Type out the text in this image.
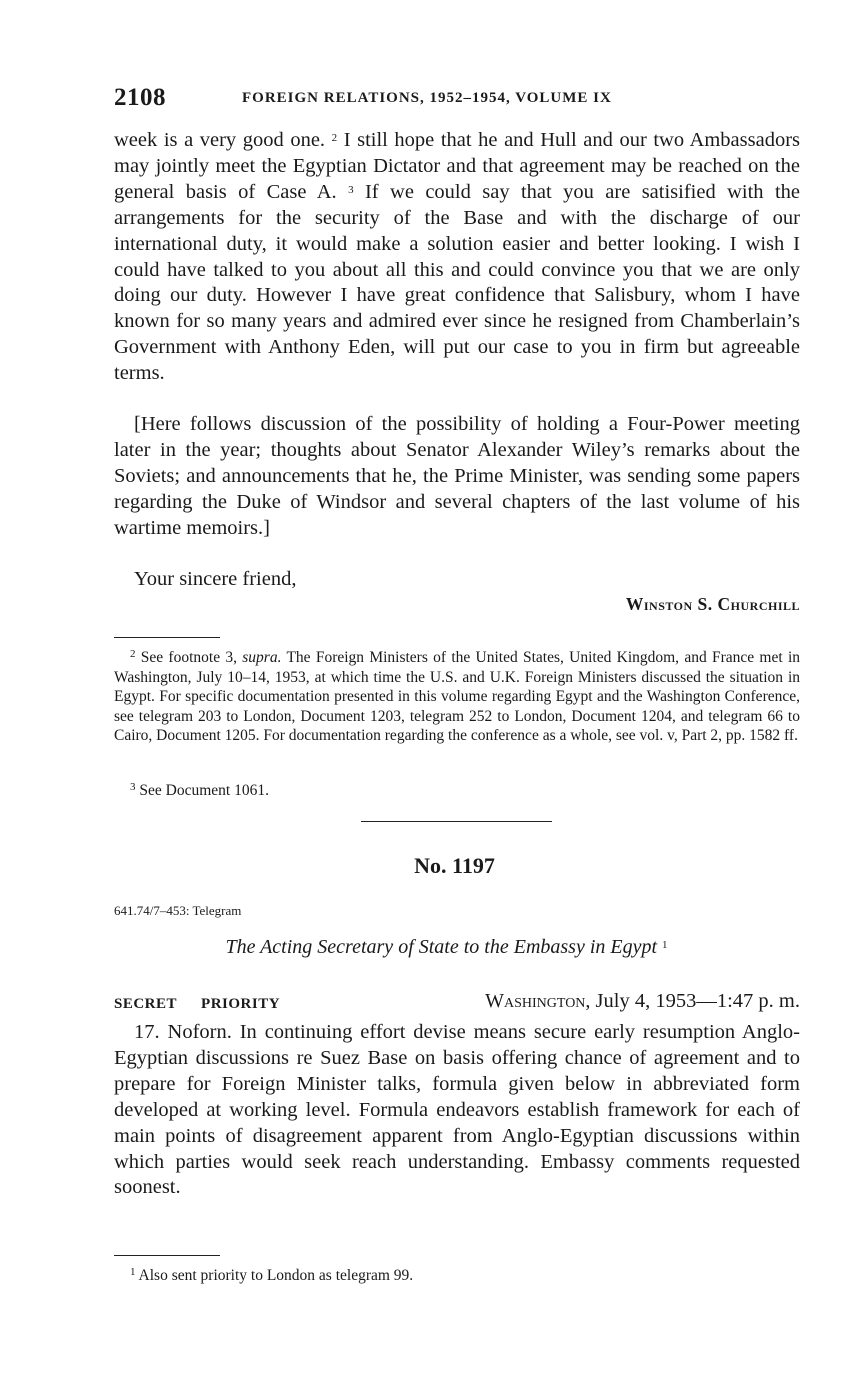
2108	FOREIGN RELATIONS, 1952–1954, VOLUME IX

week is a very good one. $^2$ I still hope that he and Hull and our two Ambassadors may jointly meet the Egyptian Dictator and that agreement may be reached on the general basis of Case A. $^3$ If we could say that you are satisified with the arrangements for the security of the Base and with the discharge of our international duty, it would make a solution easier and better looking. I wish I could have talked to you about all this and could convince you that we are only doing our duty. However I have great confidence that Salisbury, whom I have known for so many years and admired ever since he resigned from Chamberlain’s Government with Anthony Eden, will put our case to you in firm but agreeable terms.

[Here follows discussion of the possibility of holding a Four-Power meeting later in the year; thoughts about Senator Alexander Wiley’s remarks about the Soviets; and announcements that he, the Prime Minister, was sending some papers regarding the Duke of Windsor and several chapters of the last volume of his wartime memoirs.]

Your sincere friend,
Winston S. Churchill

$^2$ See footnote 3, supra. The Foreign Ministers of the United States, United Kingdom, and France met in Washington, July 10–14, 1953, at which time the U.S. and U.K. Foreign Ministers discussed the situation in Egypt. For specific documentation presented in this volume regarding Egypt and the Washington Conference, see telegram 203 to London, Document 1203, telegram 252 to London, Document 1204, and telegram 66 to Cairo, Document 1205. For documentation regarding the conference as a whole, see vol. v, Part 2, pp. 1582 ff.

$^3$ See Document 1061.

No. 1197
641.74/7–453: Telegram
The Acting Secretary of State to the Embassy in Egypt $^1$
SECRET PRIORITY	Washington, July 4, 1953—1:47 p. m.

17. Noforn. In continuing effort devise means secure early resumption Anglo-Egyptian discussions re Suez Base on basis offering chance of agreement and to prepare for Foreign Minister talks, formula given below in abbreviated form developed at working level. Formula endeavors establish framework for each of main points of disagreement apparent from Anglo-Egyptian discussions within which parties would seek reach understanding. Embassy comments requested soonest.

$^1$ Also sent priority to London as telegram 99.
